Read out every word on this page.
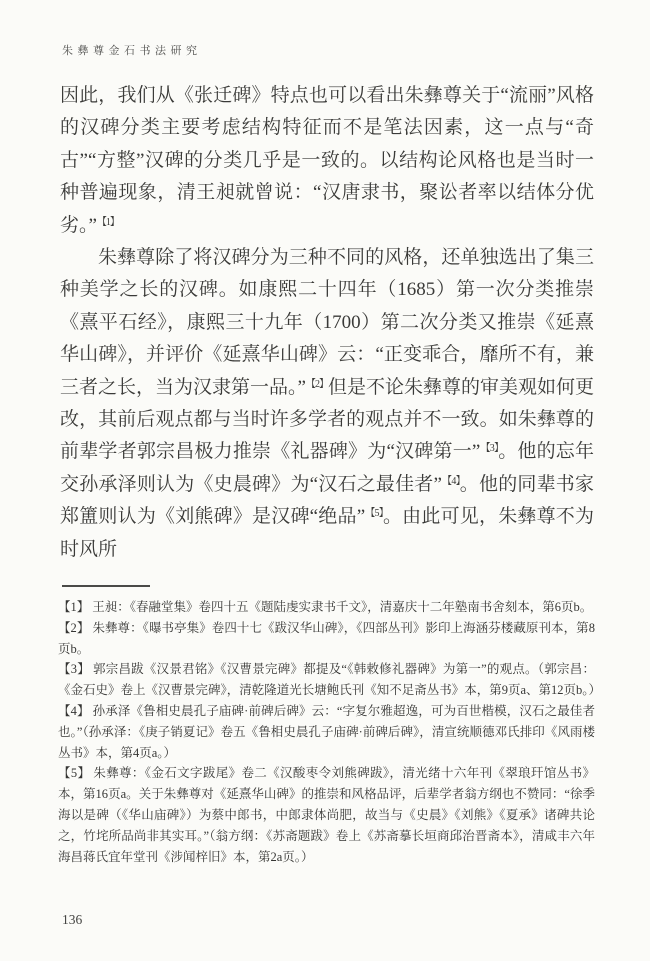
朱彝尊金石书法研究

因此，我们从《张迁碑》特点也可以看出朱彝尊关于“流丽”风格的汉碑分类主要考虑结构特征而不是笔法因素，这一点与“奇古”“方整”汉碑的分类几乎是一致的。以结构论风格也是当时一种普遍现象，清王昶就曾说：“汉唐隶书，聚讼者率以结体分优劣。”$^{【1】}$

朱彝尊除了将汉碑分为三种不同的风格，还单独选出了集三种美学之长的汉碑。如康熙二十四年（1685）第一次分类推崇《熹平石经》，康熙三十九年（1700）第二次分类又推崇《延熹华山碑》，并评价《延熹华山碑》云：“正变乖合，靡所不有，兼三者之长，当为汉隶第一品。”$^{【2】}$但是不论朱彝尊的审美观如何更改，其前后观点都与当时许多学者的观点并不一致。如朱彝尊的前辈学者郭宗昌极力推崇《礼器碑》为“汉碑第一”$^{【3】}$。他的忘年交孙承泽则认为《史晨碑》为“汉石之最佳者”$^{【4】}$。他的同辈书家郑簠则认为《刘熊碑》是汉碑“绝品”$^{【5】}$。由此可见，朱彝尊不为时风所

【1】 王昶：《春融堂集》卷四十五《题陆虔实隶书千文》，清嘉庆十二年塾南书舍刻本，第6页b。

【2】 朱彝尊：《曝书亭集》卷四十七《跋汉华山碑》，《四部丛刊》影印上海涵芬楼藏原刊本，第8页b。

【3】 郭宗昌跋《汉景君铭》《汉曹景完碑》都提及“《韩敕修礼器碑》为第一”的观点。（郭宗昌：《金石史》卷上《汉曹景完碑》，清乾隆道光长塘鲍氏刊《知不足斋丛书》本，第9页a、第12页b。）

【4】 孙承泽《鲁相史晨孔子庙碑·前碑后碑》云：“字复尔雅超逸，可为百世楷模，汉石之最佳者也。”（孙承泽：《庚子销夏记》卷五《鲁相史晨孔子庙碑·前碑后碑》，清宣统顺德邓氏排印《风雨楼丛书》本，第4页a。）

【5】 朱彝尊：《金石文字跋尾》卷二《汉酸枣令刘熊碑跋》，清光绪十六年刊《翠琅玕馆丛书》本，第16页a。关于朱彝尊对《延熹华山碑》的推崇和风格品评，后辈学者翁方纲也不赞同：“徐季海以是碑（《华山庙碑》）为蔡中郎书，中郎隶体尚肥，故当与《史晨》《刘熊》《夏承》诸碑共论之，竹垞所品尚非其实耳。”（翁方纲：《苏斋题跋》卷上《苏斋摹长垣商邱治晋斋本》，清咸丰六年海昌蒋氏宜年堂刊《涉闻梓旧》本，第2a页。）

136
